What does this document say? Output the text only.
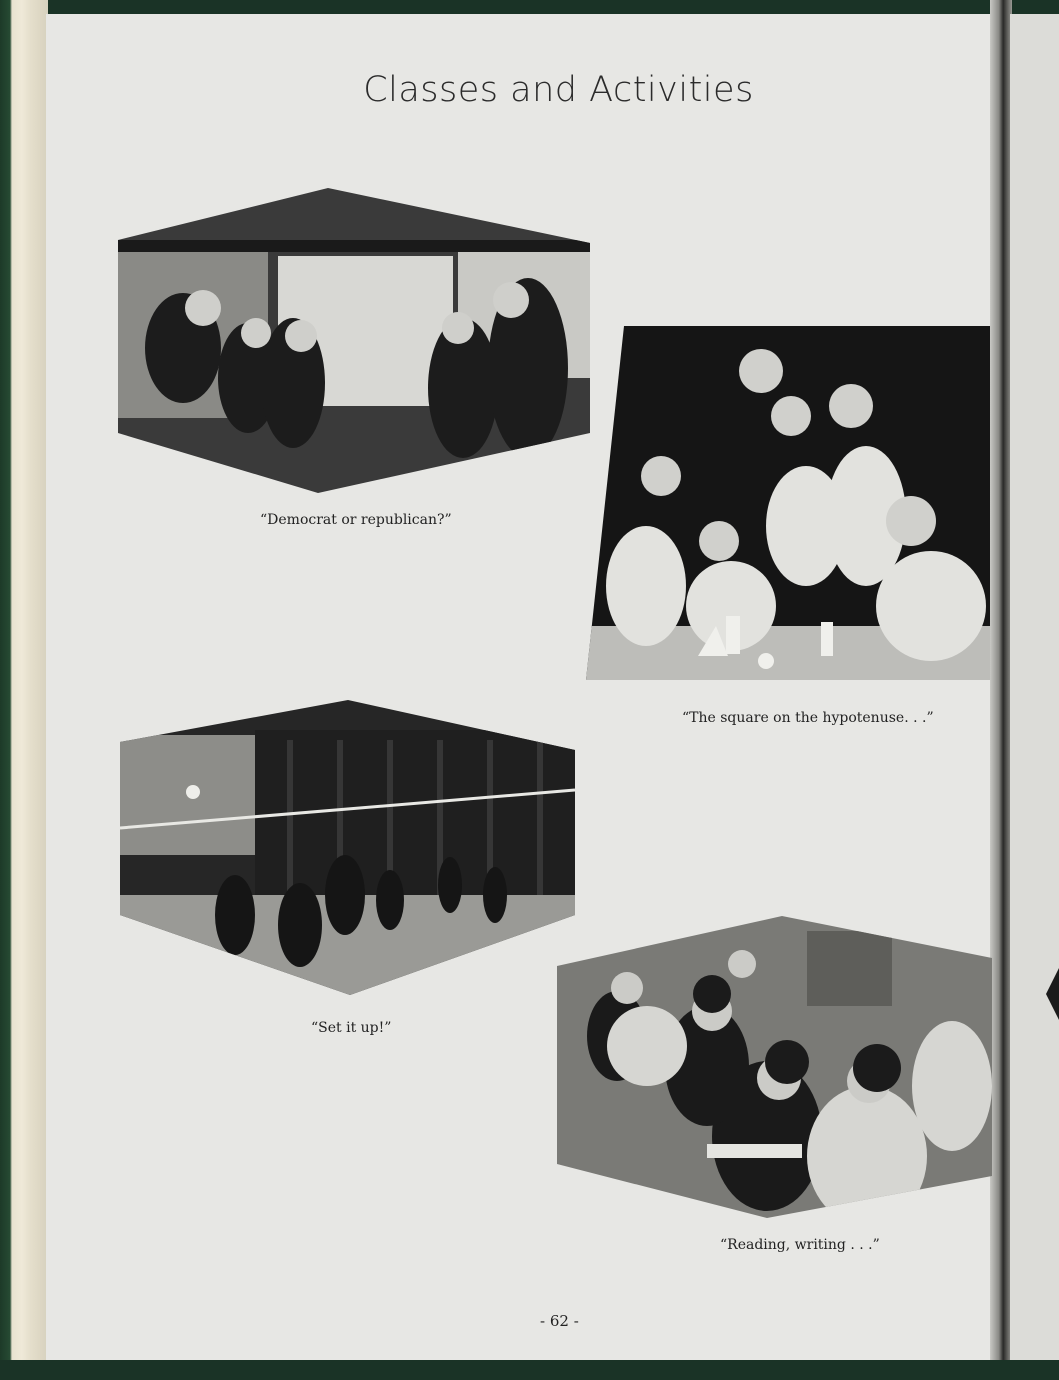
Classes and Activities
“Democrat or republican?”
“The square on the hypotenuse. . .”
“Set it up!”
“Reading, writing . . .”
- 62 -
